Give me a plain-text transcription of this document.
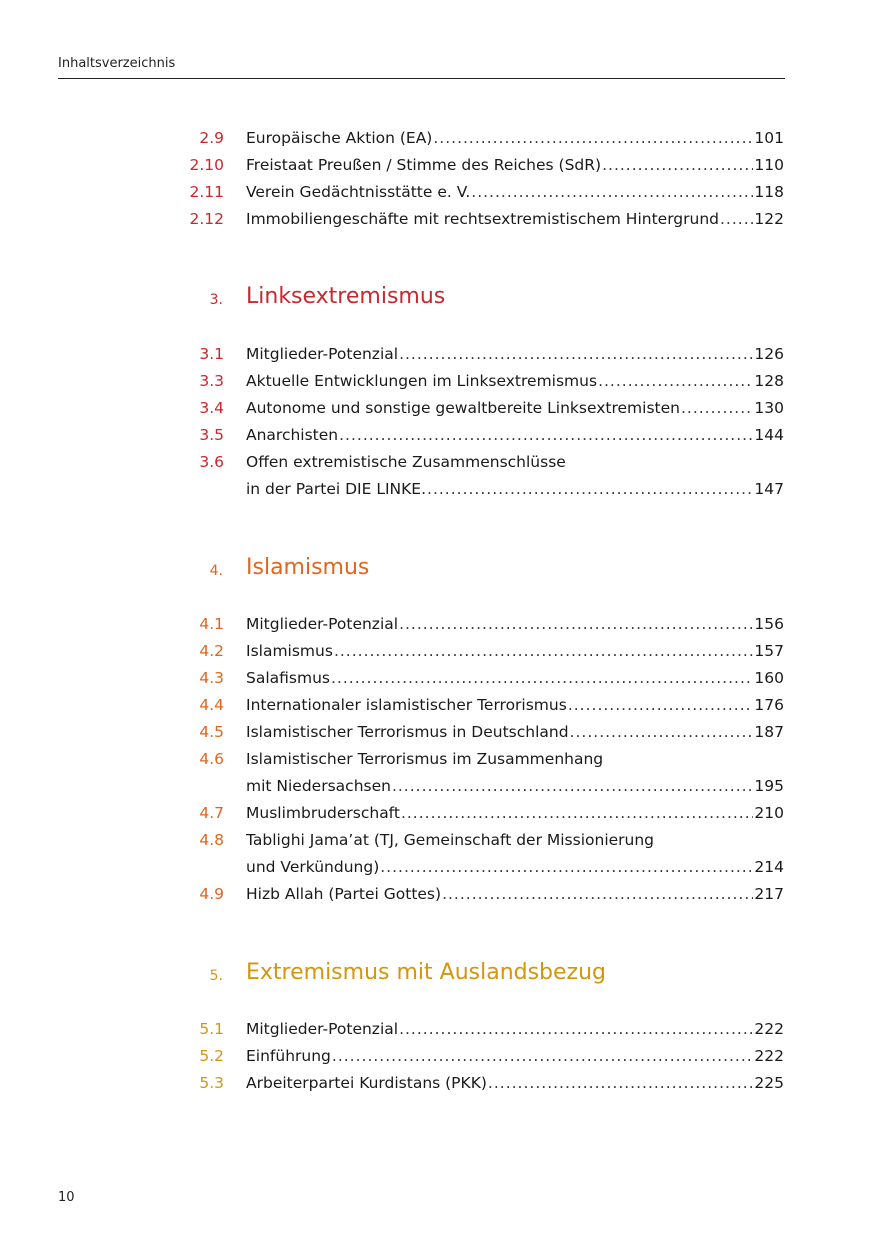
Inhaltsverzeichnis
2.9 Europäische Aktion (EA) .....	101
2.10 Freistaat Preußen / Stimme des Reiches (SdR) .....	110
2.11 Verein Gedächtnisstätte e. V. .....	118
2.12 Immobiliengeschäfte mit rechtsextremistischem Hintergrund ..... 122
3. Linksextremismus
3.1 Mitglieder-Potenzial .....	126
3.3 Aktuelle Entwicklungen im Linksextremismus .....	128
3.4 Autonome und sonstige gewaltbereite Linksextremisten .....	130
3.5 Anarchisten .....	144
3.6 Offen extremistische Zusammenschlüsse
in der Partei DIE LINKE. .....	147
4. Islamismus
4.1 Mitglieder-Potenzial .....	156
4.2 Islamismus .....	157
4.3 Salafismus .....	160
4.4 Internationaler islamistischer Terrorismus .....	176
4.5 Islamistischer Terrorismus in Deutschland .....	187
4.6 Islamistischer Terrorismus im Zusammenhang
mit Niedersachsen .....	195
4.7 Muslimbruderschaft .....	210
4.8 Tablighi Jama’at (TJ, Gemeinschaft der Missionierung
und Verkündung) .....	214
4.9 Hizb Allah (Partei Gottes) .....	217
5. Extremismus mit Auslandsbezug
5.1 Mitglieder-Potenzial .....	222
5.2 Einführung .....	222
5.3 Arbeiterpartei Kurdistans (PKK) .....	225
10
